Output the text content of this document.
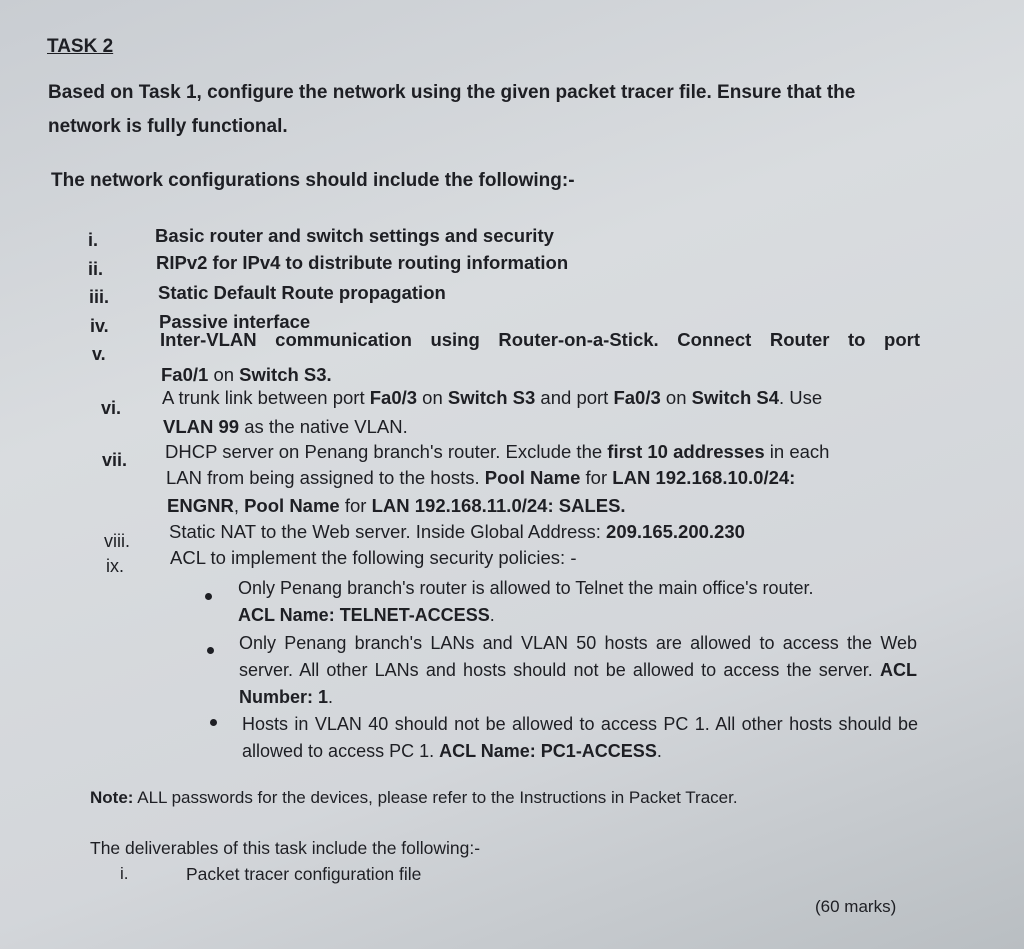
TASK 2
Based on Task 1, configure the network using the given packet tracer file. Ensure that the network is fully functional.
The network configurations should include the following:-
i.	Basic router and switch settings and security
ii.	RIPv2 for IPv4 to distribute routing information
iii.	Static Default Route propagation
iv.	Passive interface
v.
Inter-VLAN communication using Router-on-a-Stick. Connect Router to port
Fa0/1 on Switch S3.
vi. A trunk link between port Fa0/3 on Switch S3 and port Fa0/3 on Switch S4. Use
VLAN 99 as the native VLAN.
vii. DHCP server on Penang branch's router. Exclude the first 10 addresses in each
LAN from being assigned to the hosts. Pool Name for LAN 192.168.10.0/24:
ENGNR, Pool Name for LAN 192.168.11.0/24: SALES.
viii. Static NAT to the Web server. Inside Global Address: 209.165.200.230
ix. ACL to implement the following security policies: -
Only Penang branch's router is allowed to Telnet the main office's router.
ACL Name: TELNET-ACCESS.
Only Penang branch's LANs and VLAN 50 hosts are allowed to access the Web server. All other LANs and hosts should not be allowed to access the server. ACL Number: 1.
Hosts in VLAN 40 should not be allowed to access PC 1. All other hosts should be allowed to access PC 1. ACL Name: PC1-ACCESS.
Note: ALL passwords for the devices, please refer to the Instructions in Packet Tracer.
The deliverables of this task include the following:-
i.	Packet tracer configuration file
(60 marks)
